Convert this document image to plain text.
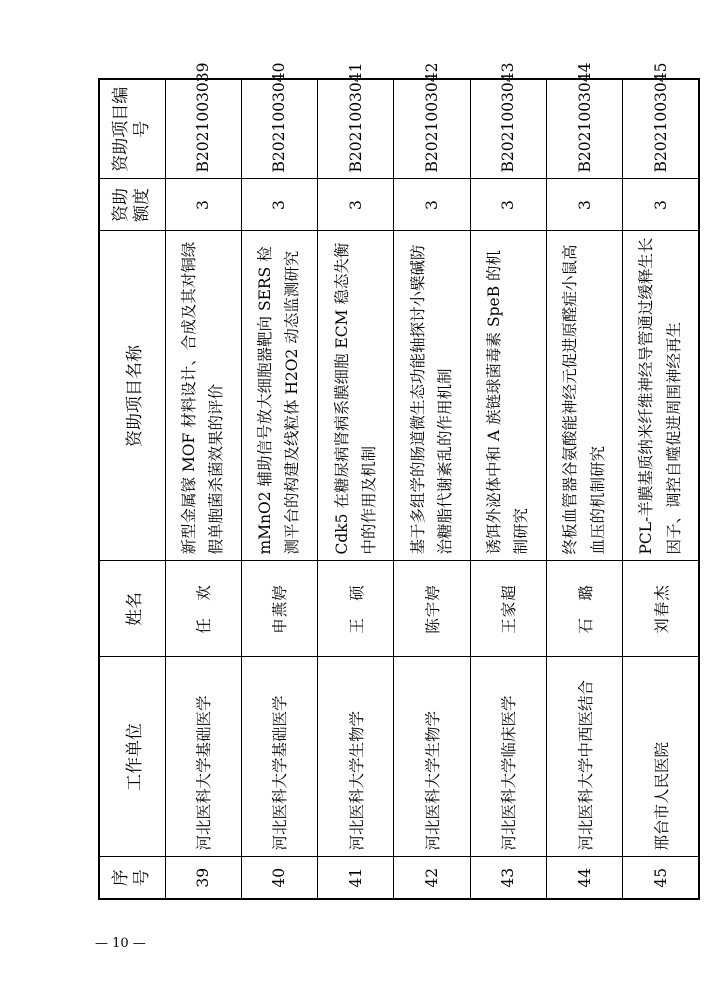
序号	工作单位	姓名	资助项目名称	资助额度	资助项目编号
39	河北医科大学基础医学	任　欢	新型金属镓 MOF 材料设计、合成及其对铜绿假单胞菌杀菌效果的评价	3	B2021003039
40	河北医科大学基础医学	申燕婷	mMnO2 辅助信号放大细胞器靶向 SERS 检测平台的构建及线粒体 H2O2 动态监测研究	3	B2021003040
41	河北医科大学生物学	王　硕	Cdk5 在糖尿病肾病系膜细胞 ECM 稳态失衡中的作用及机制	3	B2021003041
42	河北医科大学生物学	陈宇婷	基于多组学的肠道微生态功能轴探讨小檗碱防治糖脂代谢紊乱的作用机制	3	B2021003042
43	河北医科大学临床医学	王家超	诱饵外泌体中和 A 族链球菌毒素 SpeB 的机制研究	3	B2021003043
44	河北医科大学中西医结合	石　璐	终板血管器谷氨酸能神经元促进原醛症小鼠高血压的机制研究	3	B2021003044
45	邢台市人民医院	刘春杰	PCL-羊膜基质纳米纤维神经导管通过缓释生长因子、调控自噬促进周围神经再生	3	B2021003045
— 10 —
